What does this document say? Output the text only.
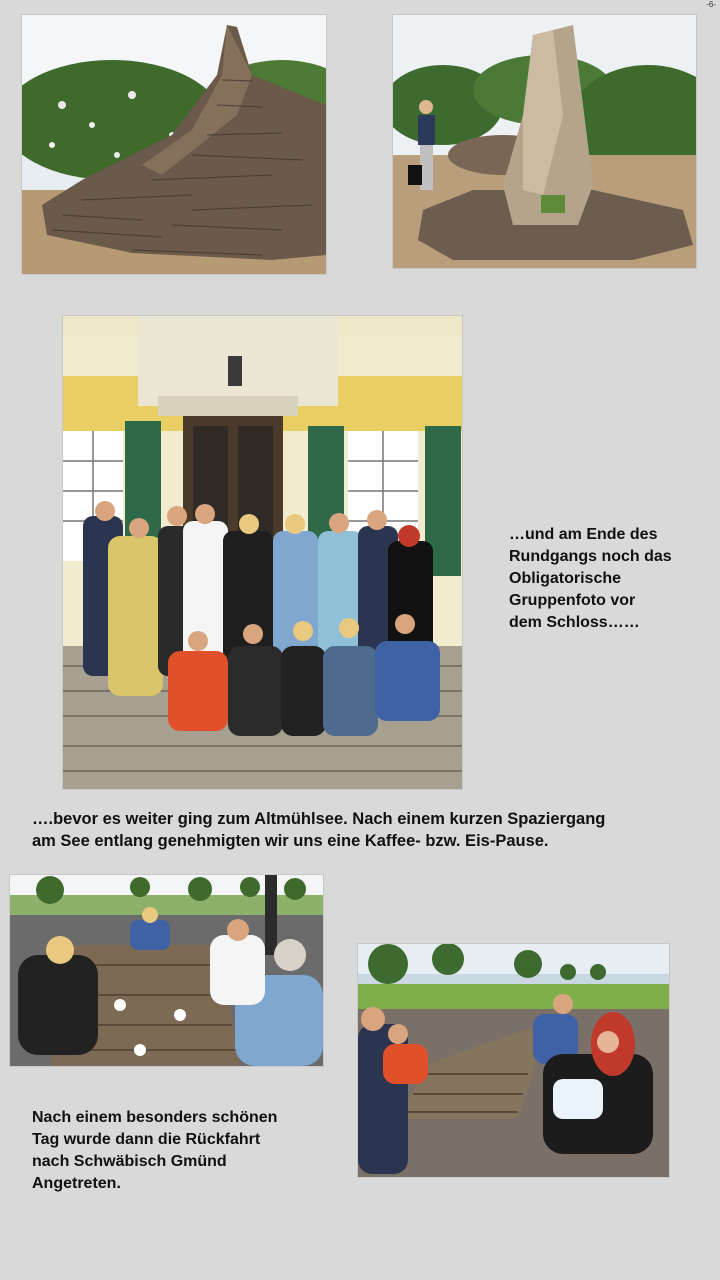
-6-

…und am Ende des
Rundgangs noch das
Obligatorische
Gruppenfoto vor
dem Schloss……

….bevor es weiter ging zum Altmühlsee. Nach einem kurzen Spaziergang
am See entlang genehmigten wir uns eine Kaffee- bzw. Eis-Pause.

Nach einem besonders schönen
Tag wurde dann die Rückfahrt
nach Schwäbisch Gmünd
Angetreten.
